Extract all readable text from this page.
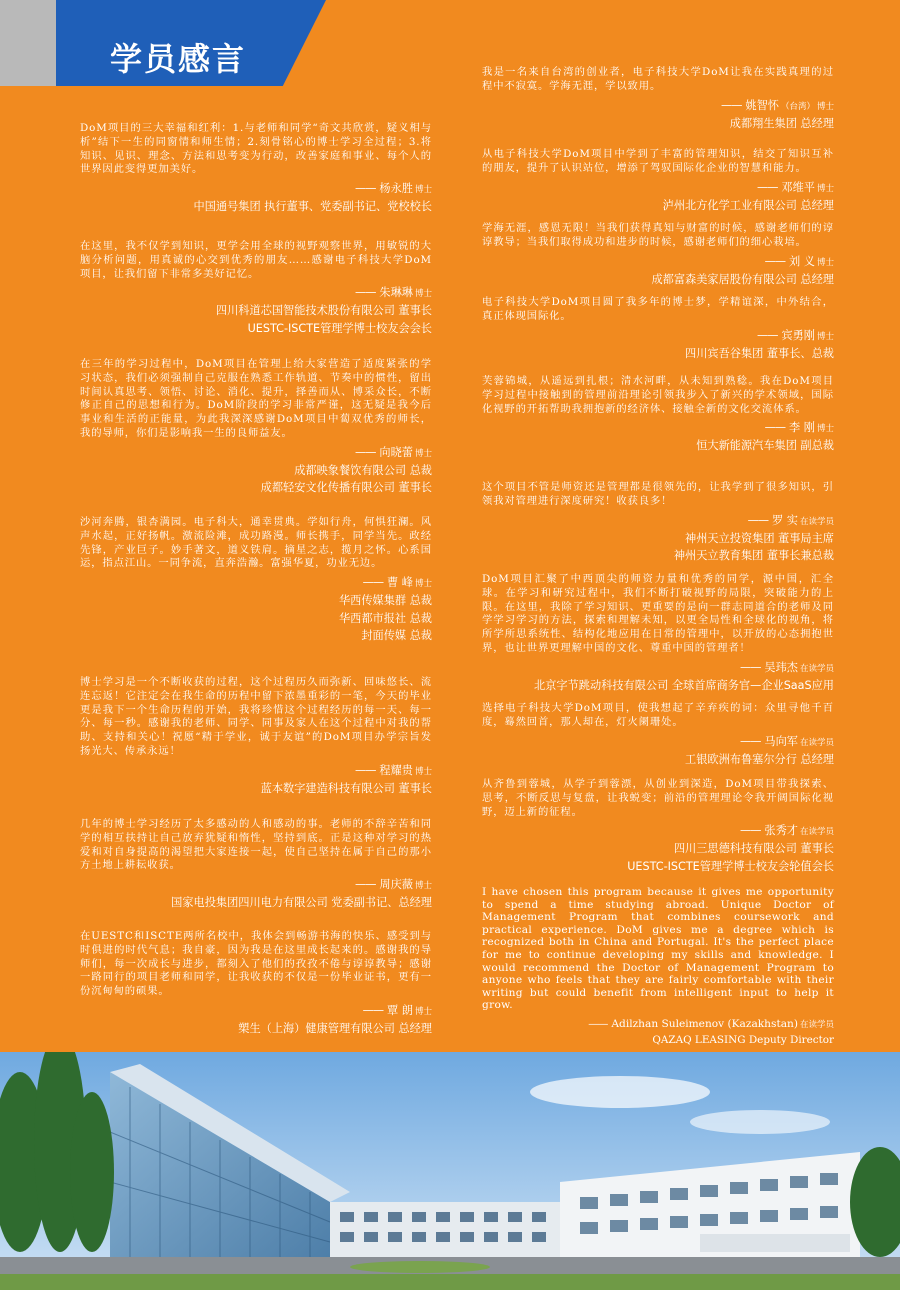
学员感言

DoM项目的三大幸福和红利：1.与老师和同学“奇文共欣赏，疑义相与析”结下一生的同窗情和师生情；2.刻骨铭心的博士学习全过程；3.将知识、见识、理念、方法和思考变为行动，改善家庭和事业、每个人的世界因此变得更加美好。

—— 杨永胜 博士
中国通号集团 执行董事、党委副书记、党校校长

在这里，我不仅学到知识，更学会用全球的视野观察世界，用敏锐的大脑分析问题，用真诚的心交到优秀的朋友……感谢电子科技大学DoM项目，让我们留下非常多美好记忆。

—— 朱琳琳 博士
四川科道芯国智能技术股份有限公司 董事长
UESTC-ISCTE管理学博士校友会会长

在三年的学习过程中，DoM项目在管理上给大家营造了适度紧张的学习状态，我们必须强制自己克服在熟悉工作轨道、节奏中的惯性，留出时间认真思考、领悟、讨论、消化、提升，择善而从、博采众长，不断修正自己的思想和行为。DoM阶段的学习非常严谨，这无疑是我今后事业和生活的正能量，为此我深深感谢DoM项目中蔔双优秀的师长，我的导师，你们是影响我一生的良师益友。

—— 向晓蕾 博士
成都映象餐饮有限公司 总裁
成都轻安文化传播有限公司 董事长

沙河奔腾，银杏满园。电子科大，通幸贯典。学如行舟，何惧狂澜。风声水起，正好扬帆。激流险滩，成功路漫。师长携手，同学当先。政经先锋，产业巨子。妙手著文，道义铁肩。摘星之志，揽月之怀。心系国运，指点江山。一同争流，直奔浩瀚。富强华夏，功业无边。

—— 曹 峰 博士
华西传媒集群 总裁
华西都市报社 总裁
封面传媒 总裁

博士学习是一个不断收获的过程，这个过程历久而弥新、回味悠长、流连忘返！它注定会在我生命的历程中留下浓墨重彩的一笔，今天的毕业更是我下一个生命历程的开始，我将珍惜这个过程经历的每一天、每一分、每一秒。感谢我的老师、同学、同事及家人在这个过程中对我的帮助、支持和关心！祝愿“精于学业，诚于友谊”的DoM项目办学宗旨发扬光大、传承永远！

—— 程耀贵 博士
蓝本数字建造科技有限公司 董事长

几年的博士学习经历了太多感动的人和感动的事。老师的不辞辛苦和同学的相互扶持让自己放弃犹疑和惰性，坚持到底。正是这种对学习的热爱和对自身提高的渴望把大家连接一起，使自己坚持在属于自己的那小方土地上耕耘收获。

—— 周庆薇 博士
国家电投集团四川电力有限公司 党委副书记、总经理

在UESTC和ISCTE两所名校中，我体会到畅游书海的快乐、感受到与时俱进的时代气息；我自豪，因为我是在这里成长起来的。感谢我的导师们，每一次成长与进步，都刻入了他们的孜孜不倦与谆谆教导；感谢一路同行的项目老师和同学，让我收获的不仅是一份毕业证书，更有一份沉甸甸的硕果。

—— 覃 朗 博士
槊生（上海）健康管理有限公司 总经理

我是一名来自台湾的创业者，电子科技大学DoM让我在实践真理的过程中不寂寞。学海无涯，学以致用。

—— 姚智怀 （台湾） 博士
成都翔生集团 总经理

从电子科技大学DoM项目中学到了丰富的管理知识，结交了知识互补的朋友，提升了认识站位，增添了驾驭国际化企业的智慧和能力。

—— 邓维平 博士
泸州北方化学工业有限公司 总经理

学海无涯，感恩无限！当我们获得真知与财富的时候，感谢老师们的谆谆教导；当我们取得成功和进步的时候，感谢老师们的细心栽培。

—— 刘 义 博士
成都富森美家居股份有限公司 总经理

电子科技大学DoM项目圆了我多年的博士梦，学精谊深，中外结合，真正体现国际化。

—— 宾勇刚 博士
四川宾吾谷集团 董事长、总裁

芙蓉锦城，从遥远到扎根；清水河畔，从未知到熟稔。我在DoM项目学习过程中接触到的管理前沿理论引领我步入了新兴的学术领域，国际化视野的开拓帮助我拥抱新的经济体、接触全新的文化交流体系。

—— 李 刚 博士
恒大新能源汽车集团 副总裁

这个项目不管是师资还是管理都是很领先的，让我学到了很多知识，引领我对管理进行深度研究！收获良多！

—— 罗 实 在读学员
神州天立投资集团 董事局主席
神州天立教育集团 董事长兼总裁

DoM项目汇聚了中西顶尖的师资力量和优秀的同学，源中国，汇全球。在学习和研究过程中，我们不断打破视野的局限，突破能力的上限。在这里，我除了学习知识、更重要的是向一群志同道合的老师及同学学习学习的方法，探索和理解未知，以更全局性和全球化的视角，将所学所思系统性、结构化地应用在日常的管理中，以开放的心态拥抱世界，也让世界更理解中国的文化、尊重中国的管理者！

—— 吴玮杰 在读学员
北京字节跳动科技有限公司 全球首席商务官—企业SaaS应用

选择电子科技大学DoM项目，使我想起了辛弃疾的词：众里寻他千百度，蓦然回首，那人却在，灯火阑珊处。

—— 马向军 在读学员
工银欧洲布鲁塞尔分行 总经理

从齐鲁到蓉城，从学子到蓉漂，从创业到深造，DoM项目带我探索、思考，不断反思与复盘，让我蜕变；前沿的管理理论令我开阔国际化视野，迈上新的征程。

—— 张秀才 在读学员
四川三思德科技有限公司 董事长
UESTC-ISCTE管理学博士校友会轮值会长

I have chosen this program because it gives me opportunity to spend a time studying abroad. Unique Doctor of Management Program that combines coursework and practical experience. DoM gives me a degree which is recognized both in China and Portugal. It's the perfect place for me to continue developing my skills and knowledge. I would recommend the Doctor of Management Program to anyone who feels that they are fairly comfortable with their writing but could benefit from intelligent input to help it grow.

—— Adilzhan Suleimenov (Kazakhstan) 在读学员
QAZAQ LEASING Deputy Director
